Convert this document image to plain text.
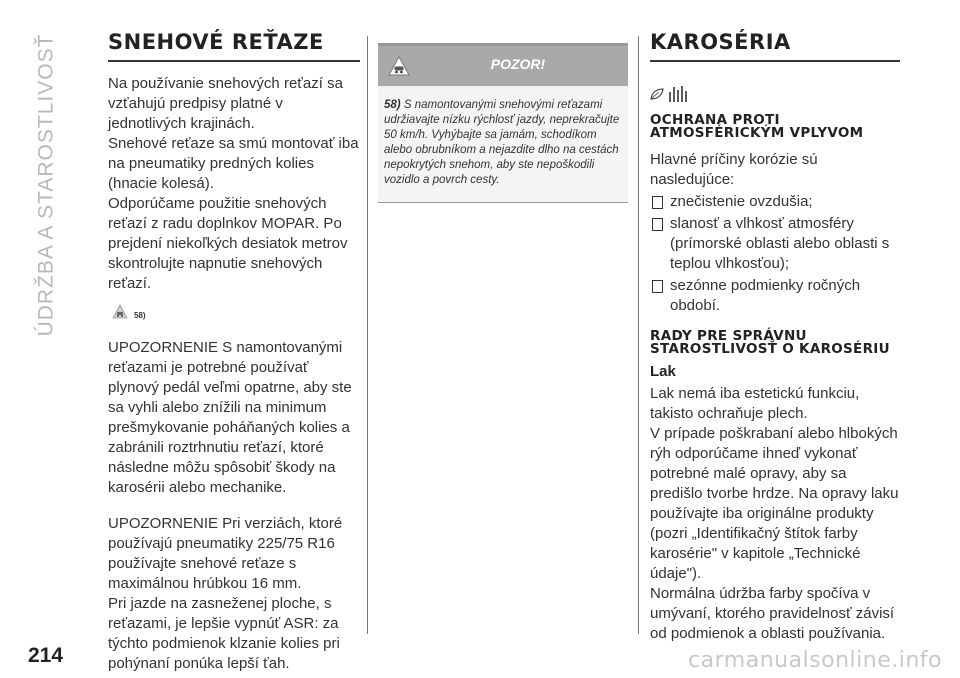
ÚDRŽBA A STAROSTLIVOSŤ SNEHOVÉ REŤAZE

Na používanie snehových reťazí sa vzťahujú predpisy platné v jednotlivých krajinách.

Snehové reťaze sa smú montovať iba na pneumatiky predných kolies (hnacie kolesá).

Odporúčame použitie snehových reťazí z radu doplnkov MOPAR. Po prejdení niekoľkých desiatok metrov skontrolujte napnutie snehových reťazí.

58)

UPOZORNENIE S namontovanými reťazami je potrebné používať plynový pedál veľmi opatrne, aby ste sa vyhli alebo znížili na minimum prešmykovanie poháňaných kolies a zabránili roztrhnutiu reťazí, ktoré následne môžu spôsobiť škody na karosérii alebo mechanike.

UPOZORNENIE Pri verziách, ktoré používajú pneumatiky 225/75 R16 používajte snehové reťaze s maximálnou hrúbkou 16 mm.

Pri jazde na zasneženej ploche, s reťazami, je lepšie vypnúť ASR: za týchto podmienok klzanie kolies pri pohýnaní ponúka lepší ťah.

POZOR!
58) S namontovanými snehovými reťazami udržiavajte nízku rýchlosť jazdy, neprekračujte 50 km/h. Vyhýbajte sa jamám, schodíkom alebo obrubníkom a nejazdite dlho na cestách nepokrytých snehom, aby ste nepoškodili vozidlo a povrch cesty.
KAROSÉRIA
OCHRANA PROTI ATMOSFÉRICKÝM VPLYVOM

Hlavné príčiny korózie sú nasledujúce:

znečistenie ovzdušia;
slanosť a vlhkosť atmosféry (prímorské oblasti alebo oblasti s teplou vlhkosťou);
sezónne podmienky ročných období.
RADY PRE SPRÁVNU STAROSTLIVOSŤ O KAROSÉRIU
Lak

Lak nemá iba estetickú funkciu, takisto ochraňuje plech.

V prípade poškrabaní alebo hlbokých rýh odporúčame ihneď vykonať potrebné malé opravy, aby sa predišlo tvorbe hrdze. Na opravy laku používajte iba originálne produkty (pozri „Identifikačný štítok farby karosérie" v kapitole „Technické údaje").

Normálna údržba farby spočíva v umývaní, ktorého pravidelnosť závisí od podmienok a oblasti používania.

214	carmanualsonline.info
